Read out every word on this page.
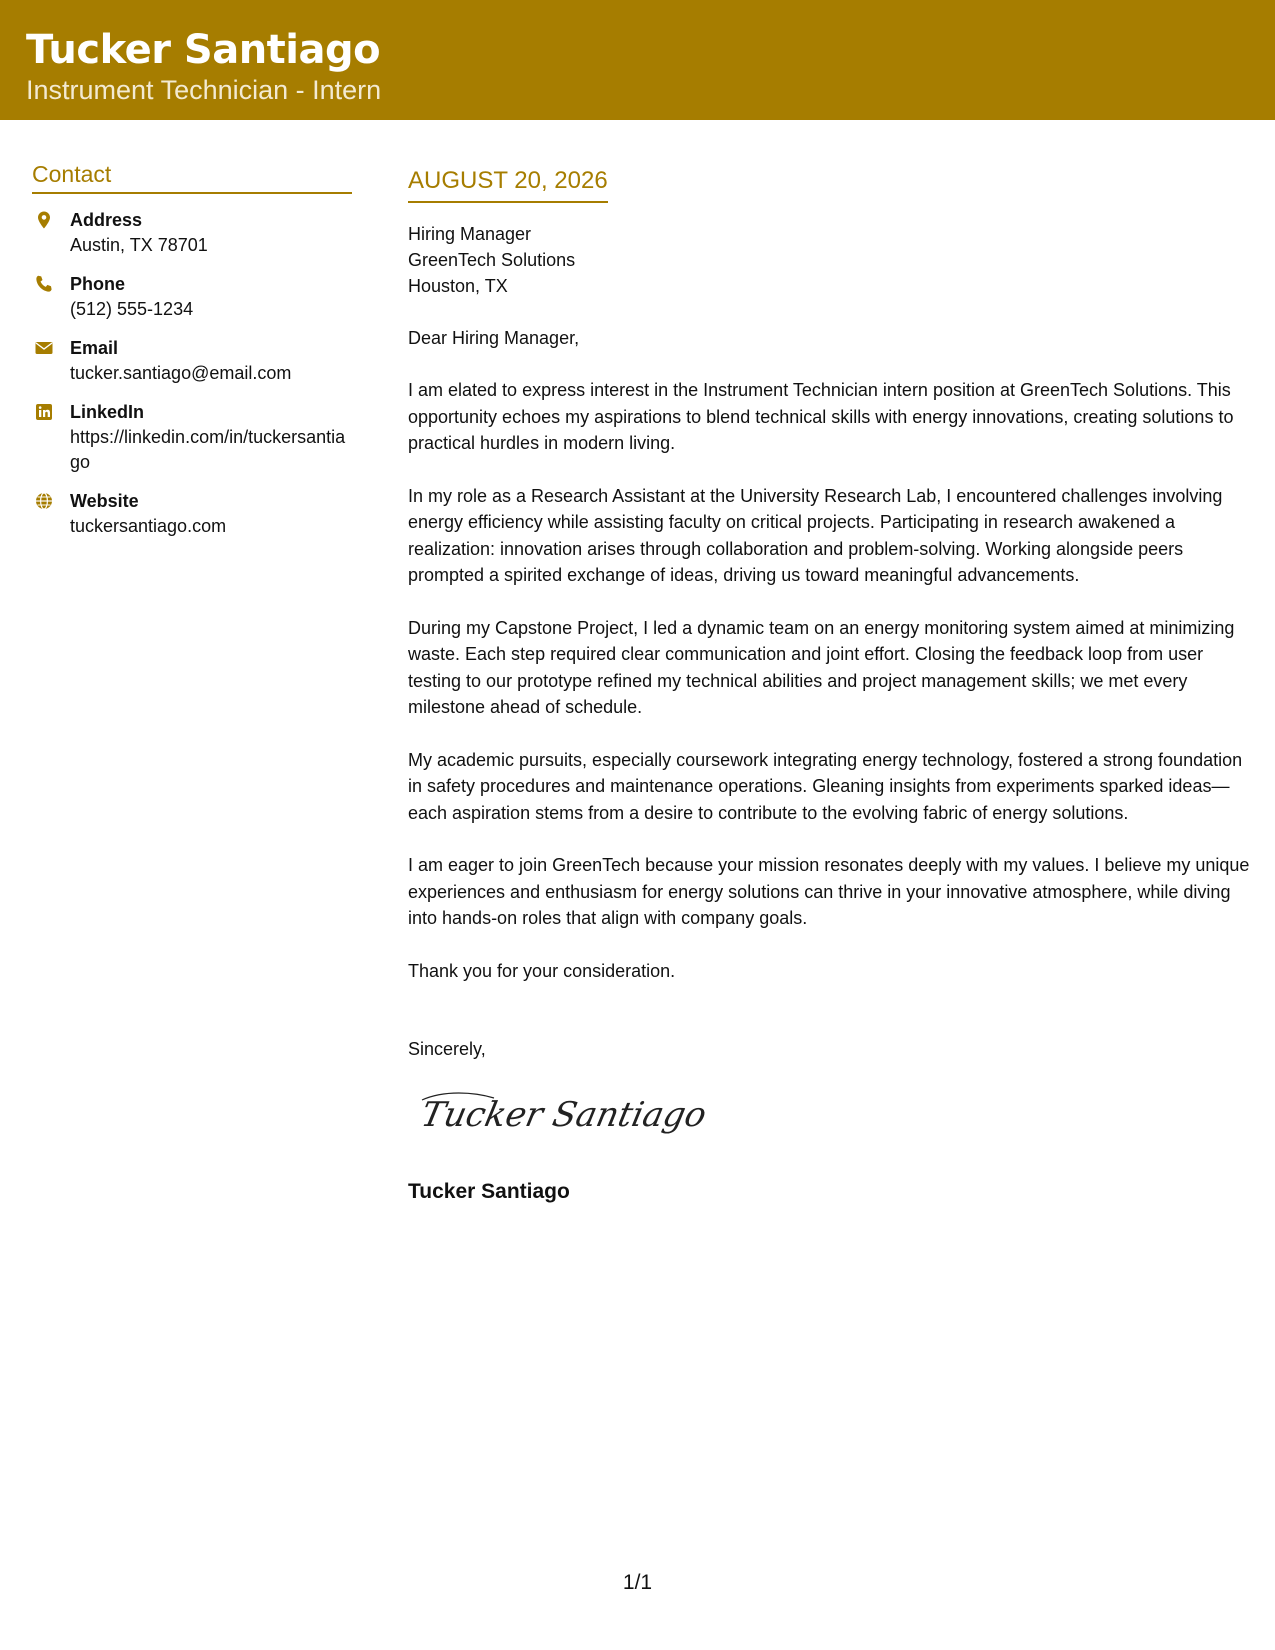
Tucker Santiago
Instrument Technician - Intern
Contact
Address
Austin, TX 78701
Phone
(512) 555-1234
Email
tucker.santiago@email.com
LinkedIn
https://linkedin.com/in/tuckersantiago
Website
tuckersantiago.com
AUGUST 20, 2026
Hiring Manager
GreenTech Solutions
Houston, TX
Dear Hiring Manager,
I am elated to express interest in the Instrument Technician intern position at GreenTech Solutions. This opportunity echoes my aspirations to blend technical skills with energy innovations, creating solutions to practical hurdles in modern living.
In my role as a Research Assistant at the University Research Lab, I encountered challenges involving energy efficiency while assisting faculty on critical projects. Participating in research awakened a realization: innovation arises through collaboration and problem-solving. Working alongside peers prompted a spirited exchange of ideas, driving us toward meaningful advancements.
During my Capstone Project, I led a dynamic team on an energy monitoring system aimed at minimizing waste. Each step required clear communication and joint effort. Closing the feedback loop from user testing to our prototype refined my technical abilities and project management skills; we met every milestone ahead of schedule.
My academic pursuits, especially coursework integrating energy technology, fostered a strong foundation in safety procedures and maintenance operations. Gleaning insights from experiments sparked ideas—each aspiration stems from a desire to contribute to the evolving fabric of energy solutions.
I am eager to join GreenTech because your mission resonates deeply with my values. I believe my unique experiences and enthusiasm for energy solutions can thrive in your innovative atmosphere, while diving into hands-on roles that align with company goals.
Thank you for your consideration.
Sincerely,
Tucker Santiago
Tucker Santiago
1/1
